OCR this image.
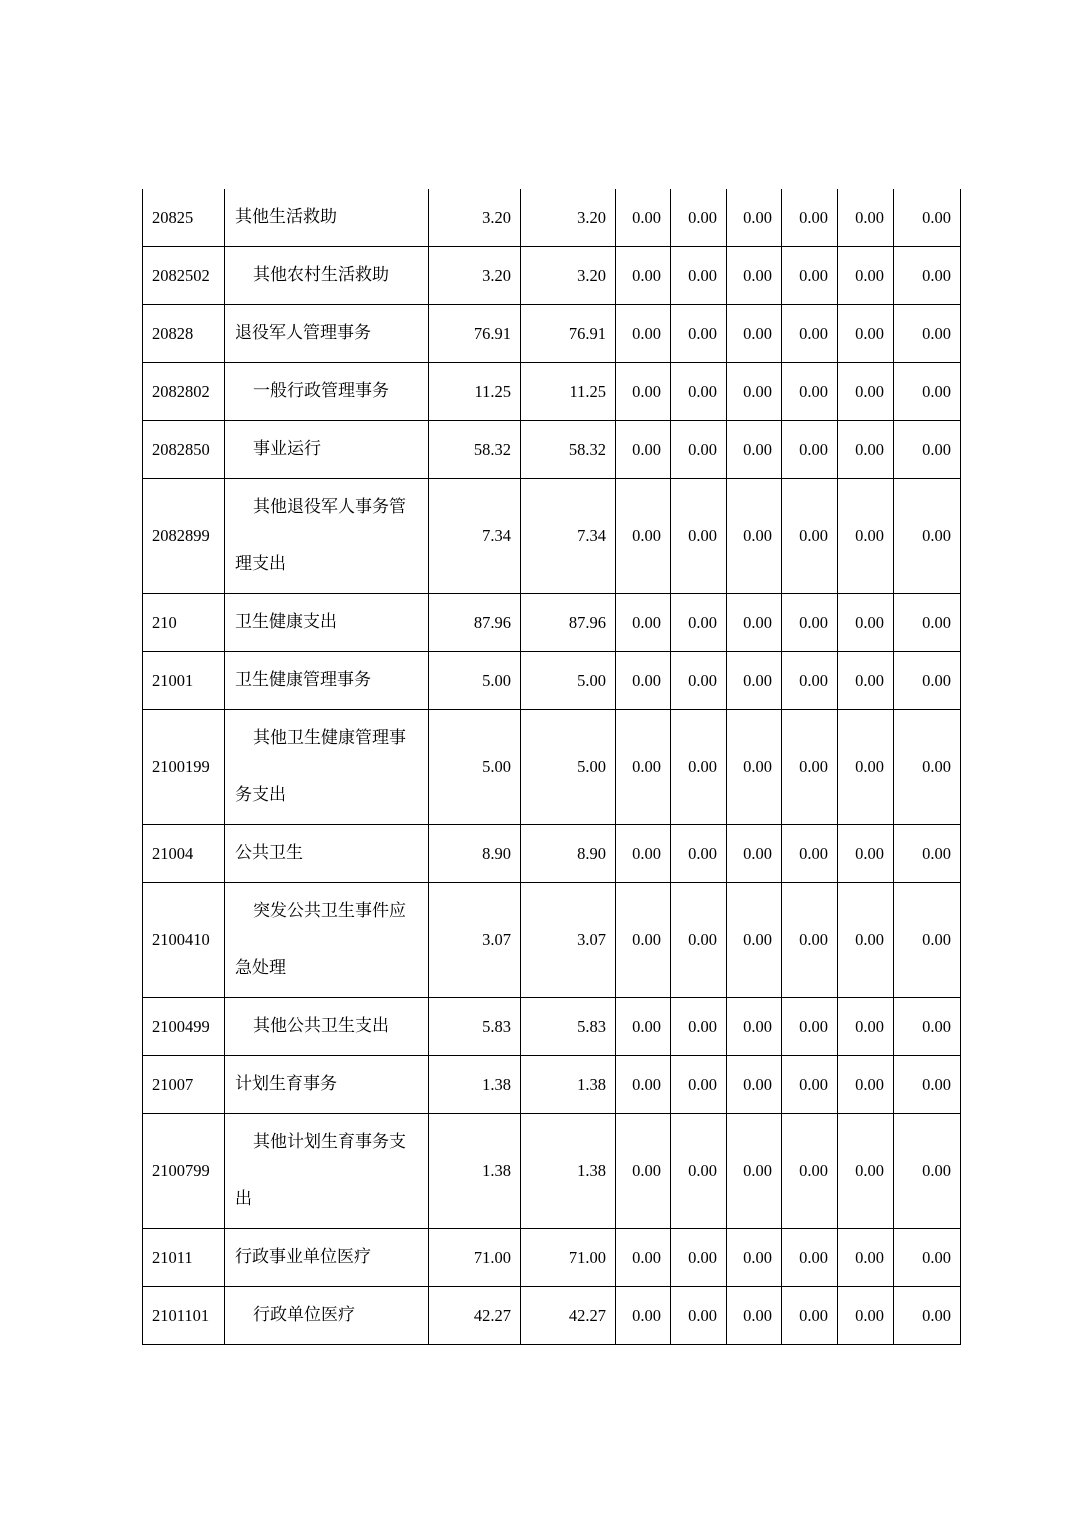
20825	其他生活救助	3.20	3.20	0.00	0.00	0.00	0.00	0.00	0.00
2082502	其他农村生活救助	3.20	3.20	0.00	0.00	0.00	0.00	0.00	0.00
20828	退役军人管理事务	76.91	76.91	0.00	0.00	0.00	0.00	0.00	0.00
2082802	一般行政管理事务	11.25	11.25	0.00	0.00	0.00	0.00	0.00	0.00
2082850	事业运行	58.32	58.32	0.00	0.00	0.00	0.00	0.00	0.00
2082899	其他退役军人事务管理支出	7.34	7.34	0.00	0.00	0.00	0.00	0.00	0.00
210	卫生健康支出	87.96	87.96	0.00	0.00	0.00	0.00	0.00	0.00
21001	卫生健康管理事务	5.00	5.00	0.00	0.00	0.00	0.00	0.00	0.00
2100199	其他卫生健康管理事务支出	5.00	5.00	0.00	0.00	0.00	0.00	0.00	0.00
21004	公共卫生	8.90	8.90	0.00	0.00	0.00	0.00	0.00	0.00
2100410	突发公共卫生事件应急处理	3.07	3.07	0.00	0.00	0.00	0.00	0.00	0.00
2100499	其他公共卫生支出	5.83	5.83	0.00	0.00	0.00	0.00	0.00	0.00
21007	计划生育事务	1.38	1.38	0.00	0.00	0.00	0.00	0.00	0.00
2100799	其他计划生育事务支出	1.38	1.38	0.00	0.00	0.00	0.00	0.00	0.00
21011	行政事业单位医疗	71.00	71.00	0.00	0.00	0.00	0.00	0.00	0.00
2101101	行政单位医疗	42.27	42.27	0.00	0.00	0.00	0.00	0.00	0.00
